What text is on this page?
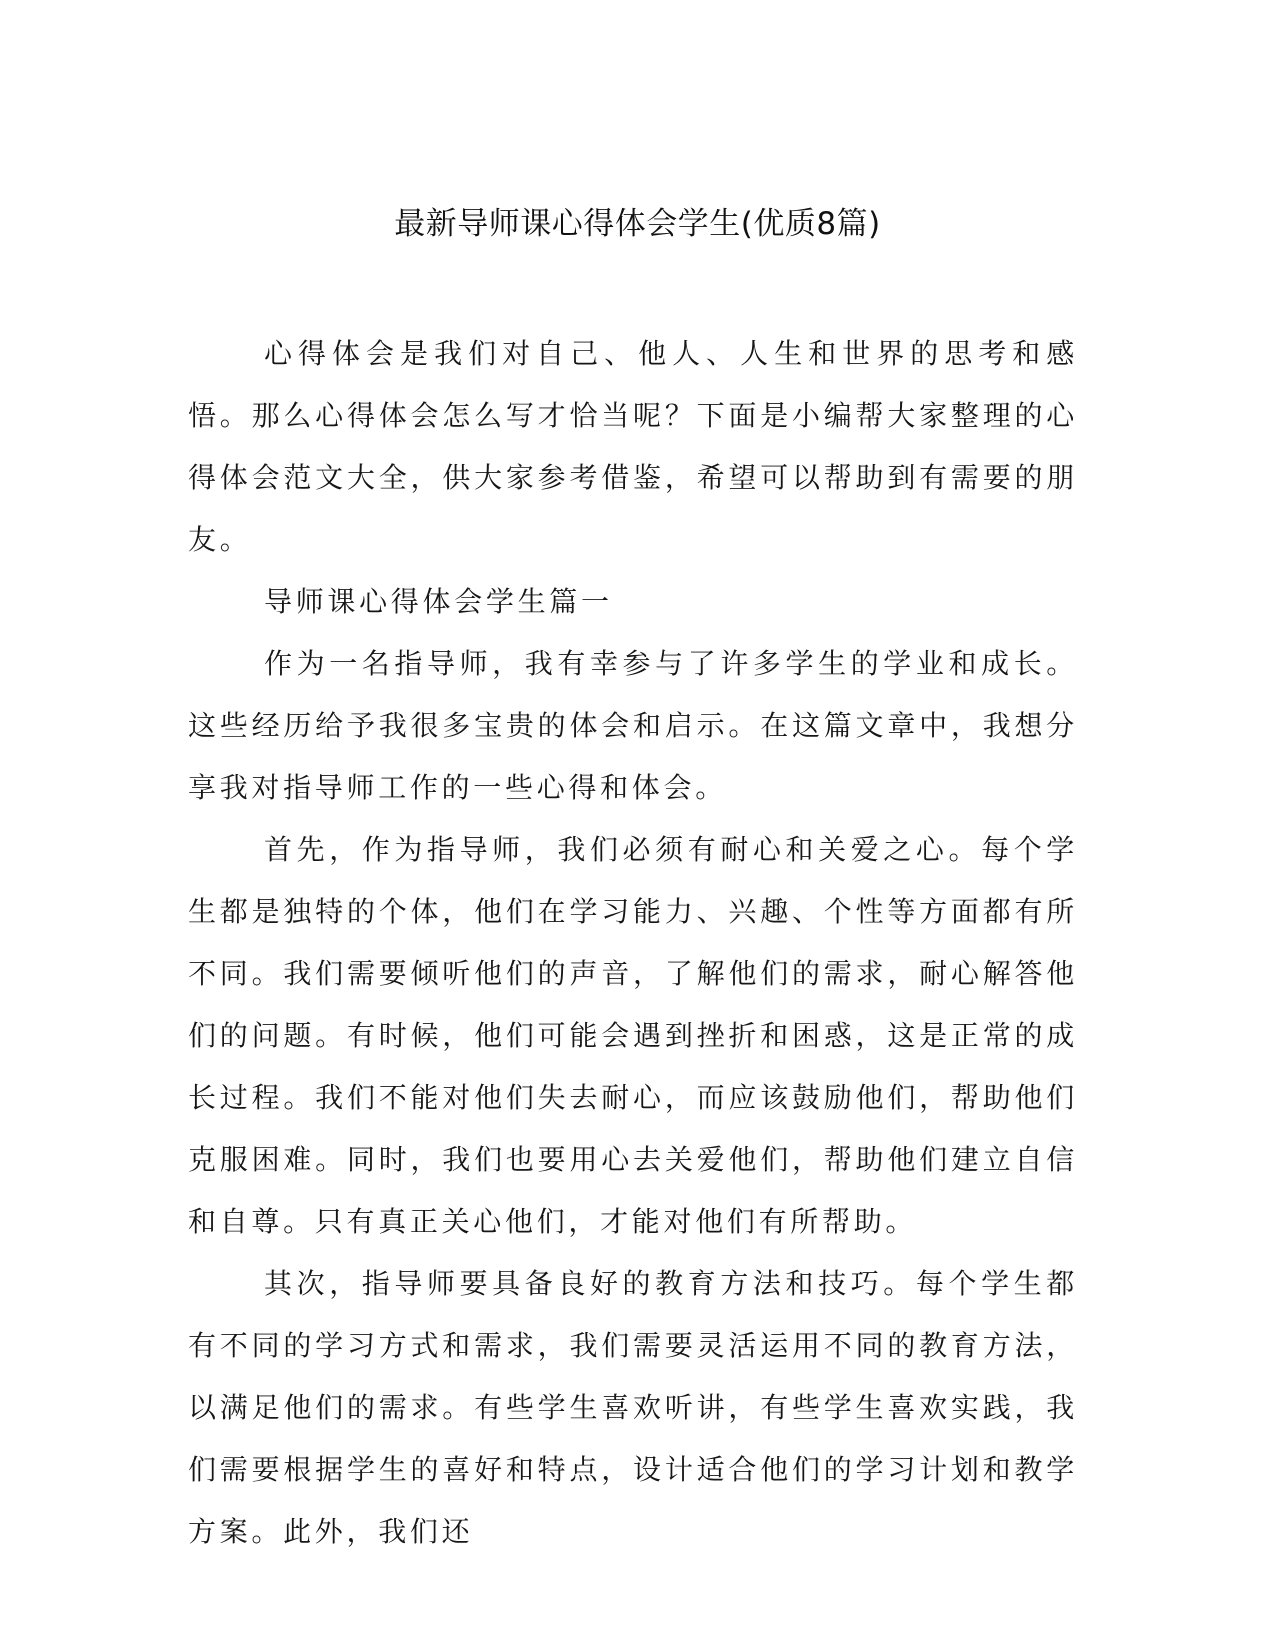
最新导师课心得体会学生(优质8篇)

心得体会是我们对自己、他人、人生和世界的思考和感悟。那么心得体会怎么写才恰当呢？下面是小编帮大家整理的心得体会范文大全，供大家参考借鉴，希望可以帮助到有需要的朋友。

导师课心得体会学生篇一

作为一名指导师，我有幸参与了许多学生的学业和成长。这些经历给予我很多宝贵的体会和启示。在这篇文章中，我想分享我对指导师工作的一些心得和体会。

首先，作为指导师，我们必须有耐心和关爱之心。每个学生都是独特的个体，他们在学习能力、兴趣、个性等方面都有所不同。我们需要倾听他们的声音，了解他们的需求，耐心解答他们的问题。有时候，他们可能会遇到挫折和困惑，这是正常的成长过程。我们不能对他们失去耐心，而应该鼓励他们，帮助他们克服困难。同时，我们也要用心去关爱他们，帮助他们建立自信和自尊。只有真正关心他们，才能对他们有所帮助。

其次，指导师要具备良好的教育方法和技巧。每个学生都有不同的学习方式和需求，我们需要灵活运用不同的教育方法，以满足他们的需求。有些学生喜欢听讲，有些学生喜欢实践，我们需要根据学生的喜好和特点，设计适合他们的学习计划和教学方案。此外，我们还
